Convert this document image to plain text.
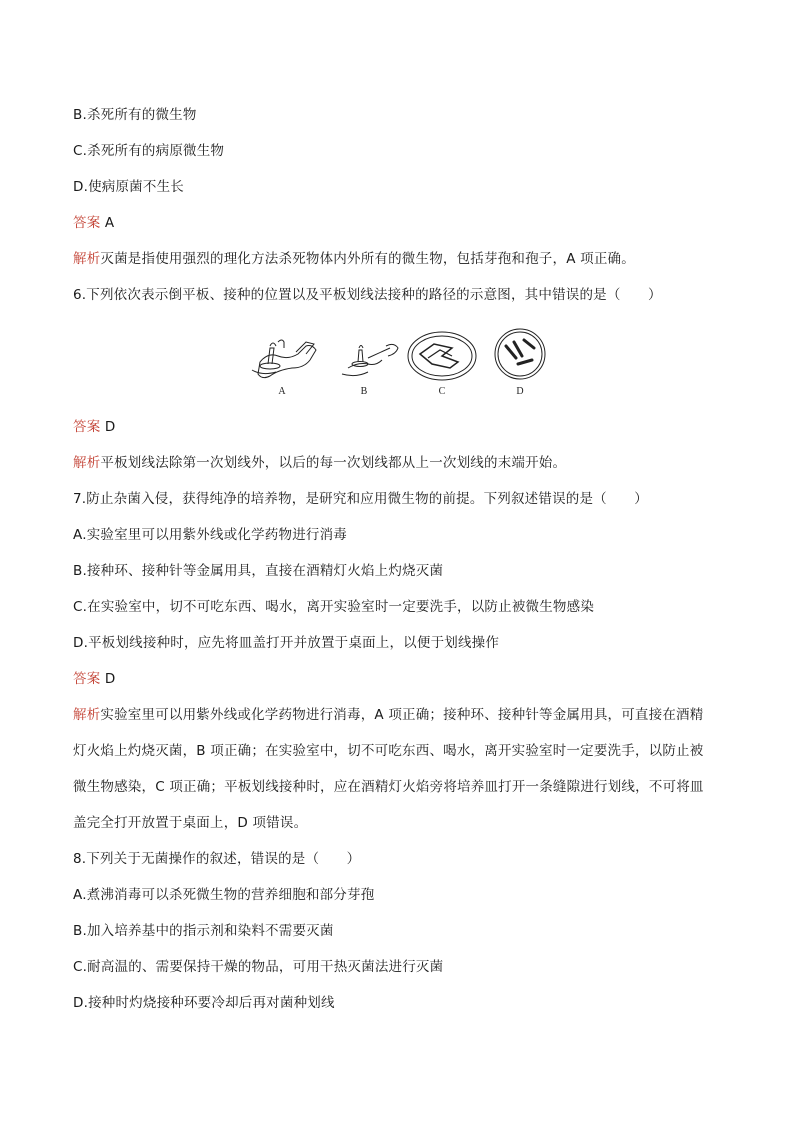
B.杀死所有的微生物
C.杀死所有的病原微生物
D.使病原菌不生长
答案 A
解析灭菌是指使用强烈的理化方法杀死物体内外所有的微生物，包括芽孢和孢子，A 项正确。
6.下列依次表示倒平板、接种的位置以及平板划线法接种的路径的示意图，其中错误的是（　　）
A	B	C	D
答案 D
解析平板划线法除第一次划线外，以后的每一次划线都从上一次划线的末端开始。
7.防止杂菌入侵，获得纯净的培养物，是研究和应用微生物的前提。下列叙述错误的是（　　）
A.实验室里可以用紫外线或化学药物进行消毒
B.接种环、接种针等金属用具，直接在酒精灯火焰上灼烧灭菌
C.在实验室中，切不可吃东西、喝水，离开实验室时一定要洗手，以防止被微生物感染
D.平板划线接种时，应先将皿盖打开并放置于桌面上，以便于划线操作
答案 D
解析实验室里可以用紫外线或化学药物进行消毒，A 项正确；接种环、接种针等金属用具，可直接在酒精
灯火焰上灼烧灭菌，B 项正确；在实验室中，切不可吃东西、喝水，离开实验室时一定要洗手，以防止被
微生物感染，C 项正确；平板划线接种时，应在酒精灯火焰旁将培养皿打开一条缝隙进行划线，不可将皿
盖完全打开放置于桌面上，D 项错误。
8.下列关于无菌操作的叙述，错误的是（　　）
A.煮沸消毒可以杀死微生物的营养细胞和部分芽孢
B.加入培养基中的指示剂和染料不需要灭菌
C.耐高温的、需要保持干燥的物品，可用干热灭菌法进行灭菌
D.接种时灼烧接种环要冷却后再对菌种划线
